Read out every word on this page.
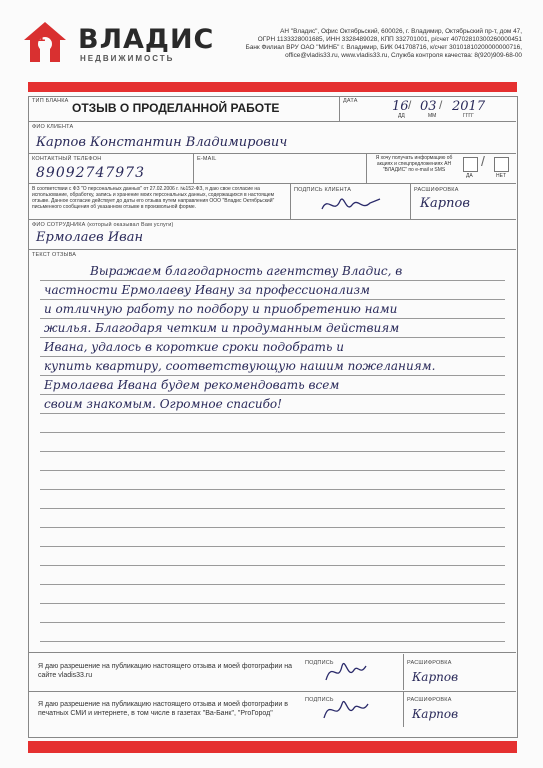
1 ВЛАДИС
НЕДВИЖИМОСТЬ
АН "Владис", Офис Октябрьский, 600026, г. Владимир, Октябрьский пр-т, дом 47,
ОГРН 1133328001685, ИНН 3328489028, КПП 332701001, р/счет 40702810300260000451
Банк Филиал ВРУ ОАО "МИНБ" г. Владимир, БИК 041708716, к/счет 30101810200000000716,
office@vladis33.ru, www.vladis33.ru, Служба контроля качества: 8(920)909-68-00
ТИП БЛАНКА ОТЗЫВ О ПРОДЕЛАННОЙ РАБОТЕ	ДАТА	16 / 03 / 2017
ДД	ММ	ГГГГ
ФИО КЛИЕНТА
Карпов Константин Владимирович
КОНТАКТНЫЙ ТЕЛЕФОН
89092747973
E-MAIL	Я хочу получать информацию об акциях и спецпредложениях АН "ВЛАДИС" по e-mail и SMS
/
ДА	НЕТ
В соответствии с ФЗ "О персональных данных" от 27.02.2006 г. №152-ФЗ, я даю свое согласие на использование, обработку, запись и хранение моих персональных данных, содержащихся в настоящем отзыве. Данное согласие действует до даты его отзыва путем направления ООО "Владис Октябрьский" письменного сообщения об указанном отзыве в произвольной форме.
ПОДПИСЬ КЛИЕНТА	РАСШИФРОВКА
Карпов
ФИО СОТРУДНИКА (который оказывал Вам услуги)
Ермолаев Иван
ТЕКСТ ОТЗЫВА
Выражаем благодарность агентству Владис, в
частности Ермолаеву Ивану за профессионализм
и отличную работу по подбору и приобретению нами
жилья. Благодаря четким и продуманным действиям
Ивана, удалось в короткие сроки подобрать и
купить квартиру, соответствующую нашим пожеланиям.
Ермолаева Ивана будем рекомендовать всем
своим знакомым. Огромное спасибо!
Я даю разрешение на публикацию настоящего отзыва и моей фотографии на сайте vladis33.ru
ПОДПИСЬ	РАСШИФРОВКА
Карпов
Я даю разрешение на публикацию настоящего отзыва и моей фотографии в печатных СМИ и интернете, в том числе в газетах "Ва-Банк", "РгоГород"
ПОДПИСЬ	РАСШИФРОВКА
Карпов
